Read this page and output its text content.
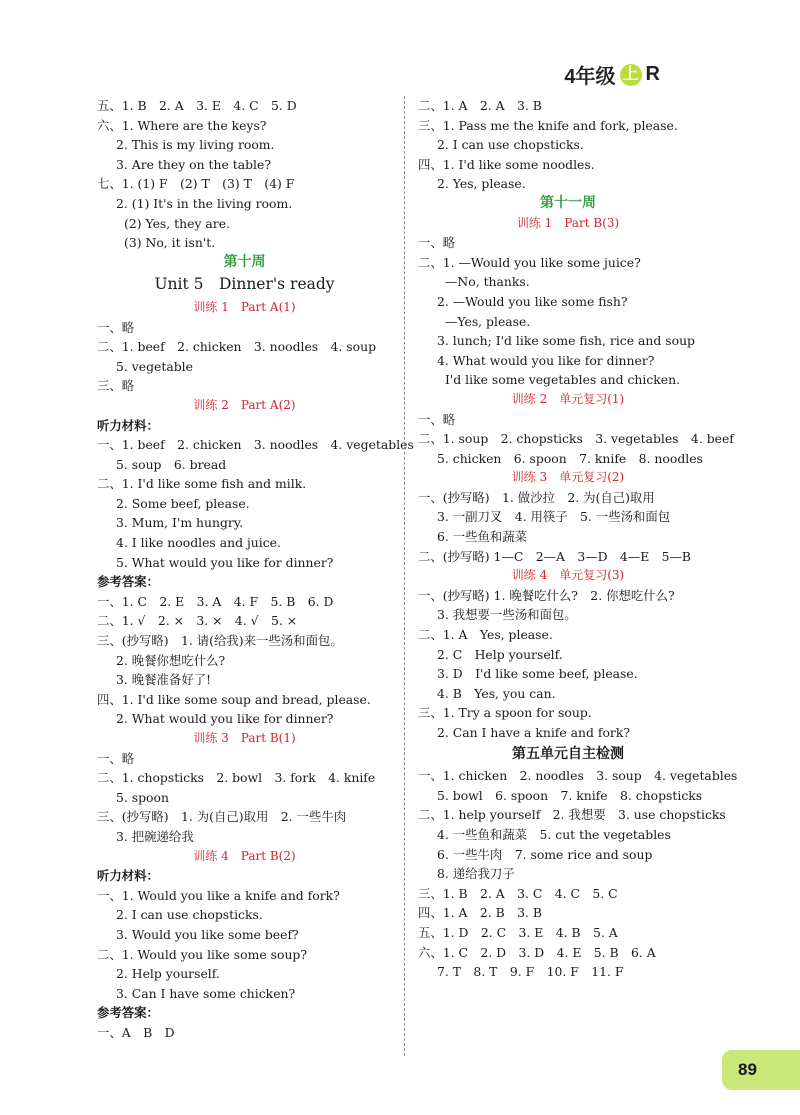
4年级 上 R
五、1. B　2. A　3. E　4. C　5. D
六、1. Where are the keys?
2. This is my living room.
3. Are they on the table?
七、1. (1) F　(2) T　(3) T　(4) F
2. (1) It's in the living room.
(2) Yes, they are.
(3) No, it isn't.
第十周
Unit 5　Dinner's ready
训练 1　Part A(1)
一、略
二、1. beef　2. chicken　3. noodles　4. soup
5. vegetable
三、略
训练 2　Part A(2)
听力材料：
一、1. beef　2. chicken　3. noodles　4. vegetables
5. soup　6. bread
二、1. I'd like some fish and milk.
2. Some beef, please.
3. Mum, I'm hungry.
4. I like noodles and juice.
5. What would you like for dinner?
参考答案：
一、1. C　2. E　3. A　4. F　5. B　6. D
二、1. √　2. ×　3. ×　4. √　5. ×
三、(抄写略)　1. 请(给我)来一些汤和面包。
2. 晚餐你想吃什么?
3. 晚餐准备好了!
四、1. I'd like some soup and bread, please.
2. What would you like for dinner?
训练 3　Part B(1)
一、略
二、1. chopsticks　2. bowl　3. fork　4. knife
5. spoon
三、(抄写略)　1. 为(自己)取用　2. 一些牛肉
3. 把碗递给我
训练 4　Part B(2)
听力材料：
一、1. Would you like a knife and fork?
2. I can use chopsticks.
3. Would you like some beef?
二、1. Would you like some soup?
2. Help yourself.
3. Can I have some chicken?
参考答案：
一、A　B　D
二、1. A　2. A　3. B
三、1. Pass me the knife and fork, please.
2. I can use chopsticks.
四、1. I'd like some noodles.
2. Yes, please.
第十一周
训练 1　Part B(3)
一、略
二、1. —Would you like some juice?
—No, thanks.
2. —Would you like some fish?
—Yes, please.
3. lunch; I'd like some fish, rice and soup
4. What would you like for dinner?
I'd like some vegetables and chicken.
训练 2　单元复习(1)
一、略
二、1. soup　2. chopsticks　3. vegetables　4. beef
5. chicken　6. spoon　7. knife　8. noodles
训练 3　单元复习(2)
一、(抄写略)　1. 做沙拉　2. 为(自己)取用
3. 一副刀叉　4. 用筷子　5. 一些汤和面包
6. 一些鱼和蔬菜
二、(抄写略) 1—C　2—A　3—D　4—E　5—B
训练 4　单元复习(3)
一、(抄写略) 1. 晚餐吃什么?　2. 你想吃什么?
3. 我想要一些汤和面包。
二、1. A　Yes, please.
2. C　Help yourself.
3. D　I'd like some beef, please.
4. B　Yes, you can.
三、1. Try a spoon for soup.
2. Can I have a knife and fork?
第五单元自主检测
一、1. chicken　2. noodles　3. soup　4. vegetables
5. bowl　6. spoon　7. knife　8. chopsticks
二、1. help yourself　2. 我想要　3. use chopsticks
4. 一些鱼和蔬菜　5. cut the vegetables
6. 一些牛肉　7. some rice and soup
8. 递给我刀子
三、1. B　2. A　3. C　4. C　5. C
四、1. A　2. B　3. B
五、1. D　2. C　3. E　4. B　5. A
六、1. C　2. D　3. D　4. E　5. B　6. A
7. T　8. T　9. F　10. F　11. F
89
